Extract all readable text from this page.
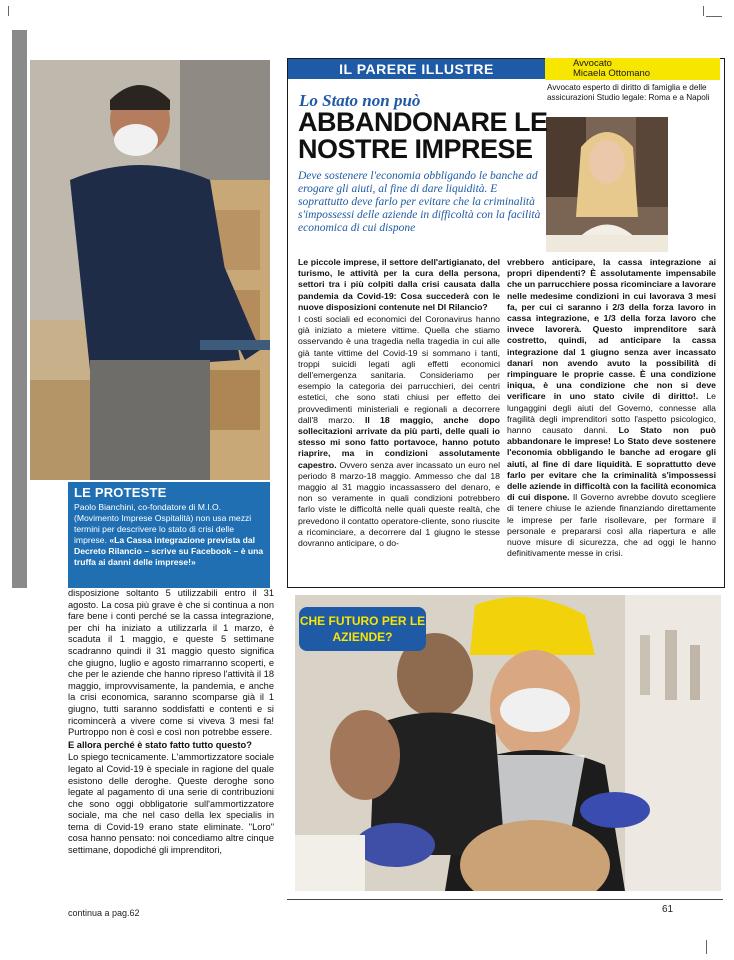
LE PROTESTE
Paolo Bianchini, co-fondatore di M.I.O. (Movimento Imprese Ospitalità) non usa mezzi termini per descrivere lo stato di crisi delle imprese. «La Cassa integrazione prevista dal Decreto Rilancio – scrive su Facebook – è una truffa ai danni delle imprese!»

disposizione soltanto 5 utilizzabili entro il 31 agosto. La cosa più grave è che si continua a non fare bene i conti perché se la cassa integrazione, per chi ha iniziato a utilizzarla il 1 marzo, è scaduta il 1 maggio, e queste 5 settimane scadranno quindi il 31 maggio questo significa che giugno, luglio e agosto rimarranno scoperti, e che per le aziende che hanno ripreso l'attività il 18 maggio, improvvisamente, la pandemia, e anche la crisi economica, saranno scomparse già il 1 giugno, tutti saranno soddisfatti e contenti e si ricomincerà a vivere come si viveva 3 mesi fa! Purtroppo non è così e così non potrebbe essere.

E allora perché è stato fatto tutto questo?

Lo spiego tecnicamente. L'ammortizzatore sociale legato al Covid-19 è speciale in ragione del quale esistono delle deroghe. Queste deroghe sono legate al pagamento di una serie di contribuzioni che sono oggi obbligatorie sull'ammortizzatore sociale, ma che nel caso della lex specialis in tema di Covid-19 erano state eliminate. "Loro" cosa hanno pensato: noi concediamo altre cinque settimane, dopodiché gli imprenditori,

IL PARERE ILLUSTRE	Avvocato
Micaela Ottomano
Avvocato esperto di diritto di famiglia e delle assicurazioni Studio legale: Roma e a Napoli
Lo Stato non può
ABBANDONARE LE
NOSTRE IMPRESE
Deve sostenere l'economia obbligando le banche ad erogare gli aiuti, al fine di dare liquidità. E soprattutto deve farlo per evitare che la criminalità s'impossessi delle aziende in difficoltà con la facilità economica di cui dispone

Le piccole imprese, il settore dell'artigianato, del turismo, le attività per la cura della persona, settori tra i più colpiti dalla crisi causata dalla pandemia da Covid-19: Cosa succederà con le nuove disposizioni contenute nel Dl Rilancio?

I costi sociali ed economici del Coronavirus hanno già iniziato a mietere vittime. Quella che stiamo osservando è una tragedia nella tragedia in cui alle già tante vittime del Covid-19 si sommano i tanti, troppi suicidi legati agli effetti economici dell'emergenza sanitaria. Consideriamo per esempio la categoria dei parrucchieri, dei centri estetici, che sono stati chiusi per effetto dei provvedimenti ministeriali e regionali a decorrere dall'8 marzo. Il 18 maggio, anche dopo sollecitazioni arrivate da più parti, delle quali io stesso mi sono fatto portavoce, hanno potuto riaprire, ma in condizioni assolutamente capestro. Ovvero senza aver incassato un euro nel periodo 8 marzo-18 maggio. Ammesso che dal 18 maggio al 31 maggio incassassero del denaro, e non so veramente in quali condizioni potrebbero farlo viste le difficoltà nelle quali queste realtà, che prevedono il contatto operatore-cliente, sono riuscite a ricominciare, a decorrere dal 1 giugno le stesse dovranno anticipare, o do-

vrebbero anticipare, la cassa integrazione ai propri dipendenti? È assolutamente impensabile che un parrucchiere possa ricominciare a lavorare nelle medesime condizioni in cui lavorava 3 mesi fa, per cui ci saranno i 2/3 della forza lavoro in cassa integrazione, e 1/3 della forza lavoro che invece lavorerà. Questo imprenditore sarà costretto, quindi, ad anticipare la cassa integrazione dal 1 giugno senza aver incassato danari non avendo avuto la possibilità di rimpinguare le proprie casse. È una condizione iniqua, è una condizione che non si deve verificare in uno stato civile di diritto!. Le lungaggini degli aiuti del Governo, connesse alla fragilità degli imprenditori sotto l'aspetto psicologico, hanno causato danni. Lo Stato non può abbandonare le imprese! Lo Stato deve sostenere l'economia obbligando le banche ad erogare gli aiuti, al fine di dare liquidità. E soprattutto deve farlo per evitare che la criminalità s'impossessi delle aziende in difficoltà con la facilità economica di cui dispone. Il Governo avrebbe dovuto scegliere di tenere chiuse le aziende finanziando direttamente le imprese per farle risollevare, per formare il personale e prepararsi così alla riapertura e alle nuove misure di sicurezza, che ad oggi le hanno definitivamente messe in crisi.

CHE FUTURO PER LE AZIENDE?
continua a pag.62	61
